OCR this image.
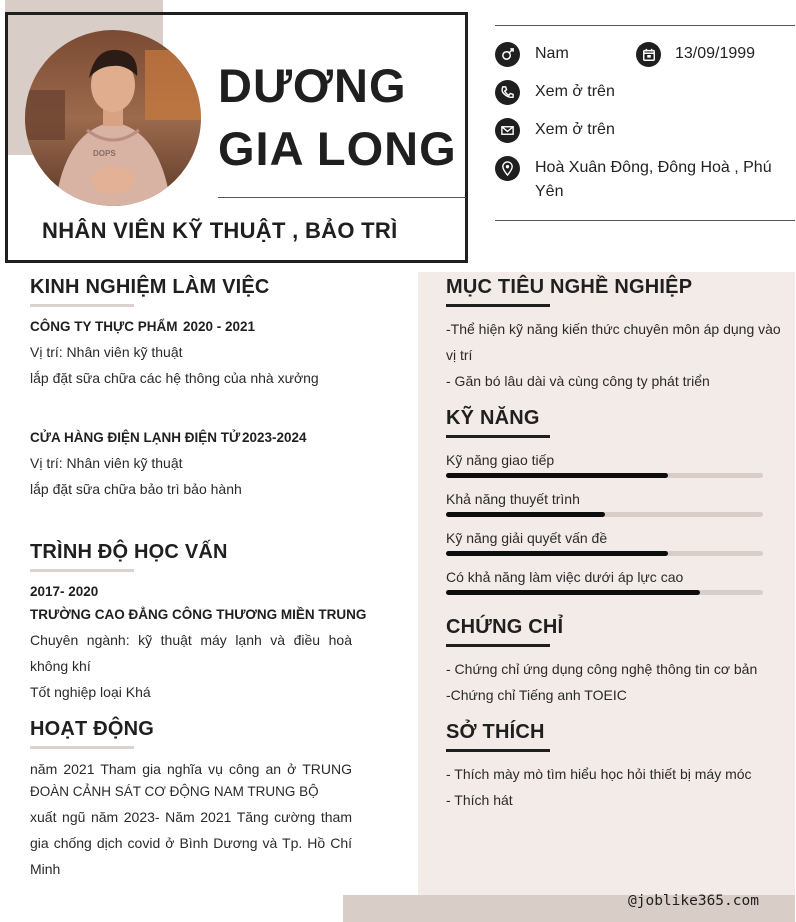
DOPS
DƯƠNG
GIA LONG
NHÂN VIÊN KỸ THUẬT , BẢO TRÌ
Nam	13/09/1999
Xem ở trên
Xem ở trên
Hoà Xuân Đông, Đông Hoà , Phú Yên
@joblike365.com
KINH NGHIỆM LÀM VIỆC
CÔNG TY THỰC PHẨM 2020 - 2021
Vị trí: Nhân viên kỹ thuật
lắp đặt sữa chữa các hệ thông của nhà xưởng
CỬA HÀNG ĐIỆN LẠNH ĐIỆN TỬ 2023-2024
Vị trí: Nhân viên kỹ thuật
lắp đặt sữa chữa bảo trì bảo hành
TRÌNH ĐỘ HỌC VẤN
2017- 2020
TRƯỜNG CAO ĐẲNG CÔNG THƯƠNG MIỀN TRUNG
Chuyên ngành: kỹ thuật máy lạnh và điều hoà
không khí
Tốt nghiệp loại Khá
HOẠT ĐỘNG
năm 2021 Tham gia nghĩa vụ công an ở TRUNG
ĐOÀN CẢNH SÁT CƠ ĐỘNG NAM TRUNG BỘ
xuất ngũ năm 2023- Năm 2021 Tăng cường tham
gia chống dịch covid ở Bình Dương và Tp. Hồ Chí
Minh
MỤC TIÊU NGHỀ NGHIỆP
-Thể hiện kỹ năng kiến thức chuyên môn áp dụng vào
vị trí
- Găn bó lâu dài và cùng công ty phát triển
KỸ NĂNG
Kỹ năng giao tiếp
Khả năng thuyết trình
Kỹ năng giải quyết vấn đề
Có khả năng làm việc dưới áp lực cao
CHỨNG CHỈ
- Chứng chỉ ứng dụng công nghệ thông tin cơ bản
-Chứng chỉ Tiếng anh TOEIC
SỞ THÍCH
- Thích mày mò tìm hiểu học hỏi thiết bị máy móc
- Thích hát
